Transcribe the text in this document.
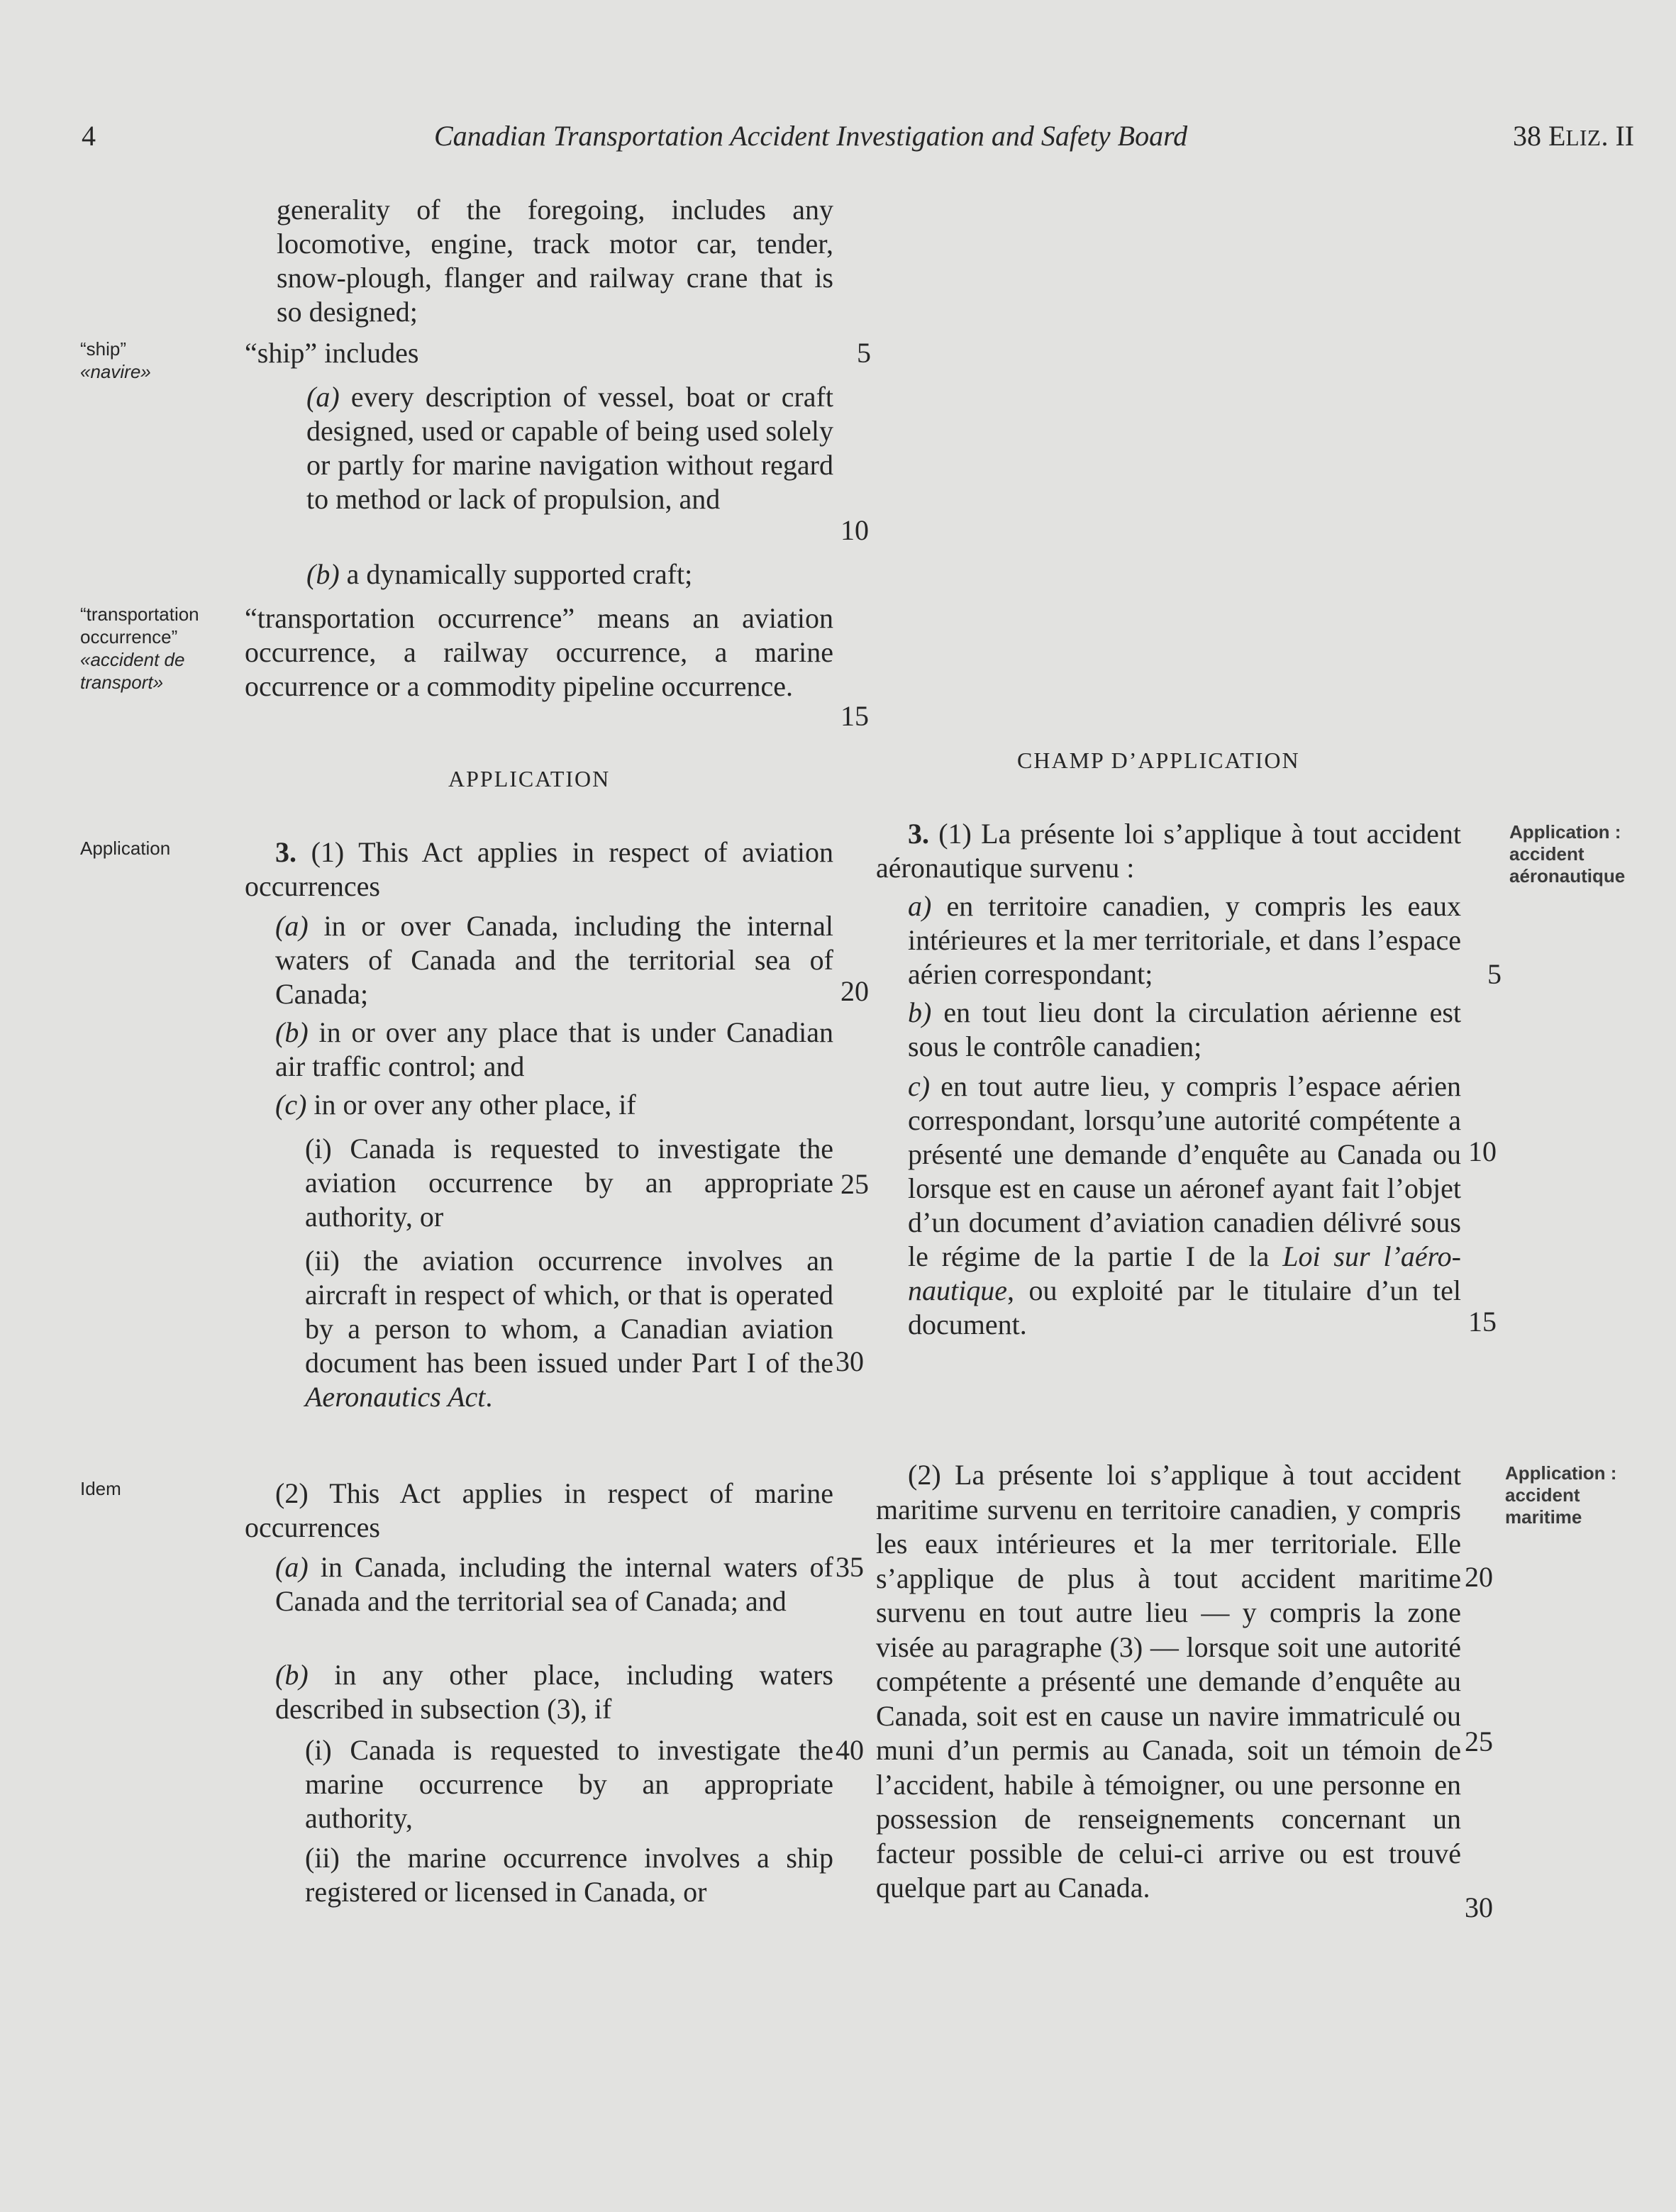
4	Canadian Transportation Accident Investigation and Safety Board	38 ELIZ. II
“ship”
«navire»
“transportation occurrence”
«accident de transport»
Application
Idem
Application : accident aéronautique
Application : accident maritime
generality of the foregoing, includes any locomotive, engine, track motor car, tender, snow-plough, flanger and railway crane that is so designed;
“ship” includes
(a) every description of vessel, boat or craft designed, used or capable of being used solely or partly for marine navigation without regard to method or lack of propulsion, and
(b) a dynamically supported craft;
“transportation occurrence” means an aviation occurrence, a railway occurrence, a marine occurrence or a commodity pipeline occurrence.
APPLICATION
3. (1) This Act applies in respect of aviation occurrences
(a) in or over Canada, including the internal waters of Canada and the territorial sea of Canada;
(b) in or over any place that is under Canadian air traffic control; and
(c) in or over any other place, if
(i) Canada is requested to investigate the aviation occurrence by an appropriate authority, or
(ii) the aviation occurrence involves an aircraft in respect of which, or that is operated by a person to whom, a Canadian aviation document has been issued under Part I of the Aeronautics Act.
(2) This Act applies in respect of marine occurrences
(a) in Canada, including the internal waters of Canada and the territorial sea of Canada; and
(b) in any other place, including waters described in subsection (3), if
(i) Canada is requested to investigate the marine occurrence by an appropriate authority,
(ii) the marine occurrence involves a ship registered or licensed in Canada, or
5
10
15
20
25
30
35
40
CHAMP D’APPLICATION
3. (1) La présente loi s’applique à tout accident aéronautique survenu :
a) en territoire canadien, y compris les eaux intérieures et la mer territoriale, et dans l’espace aérien correspondant;
b) en tout lieu dont la circulation aérienne est sous le contrôle canadien;
c) en tout autre lieu, y compris l’espace aérien correspondant, lorsqu’une autorité compétente a présenté une demande d’enquête au Canada ou lorsque est en cause un aéronef ayant fait l’objet d’un document d’aviation canadien délivré sous le régime de la partie I de la Loi sur l’aéronautique, ou exploité par le titulaire d’un tel document.
(2) La présente loi s’applique à tout accident maritime survenu en territoire canadien, y compris les eaux intérieures et la mer territoriale. Elle s’applique de plus à tout accident maritime survenu en tout autre lieu — y compris la zone visée au paragraphe (3) — lorsque soit une autorité compétente a présenté une demande d’enquête au Canada, soit est en cause un navire immatriculé ou muni d’un permis au Canada, soit un témoin de l’accident, habile à témoigner, ou une personne en possession de renseignements concernant un facteur possible de celui-ci arrive ou est trouvé quelque part au Canada.
5
10
15
20
25
30
